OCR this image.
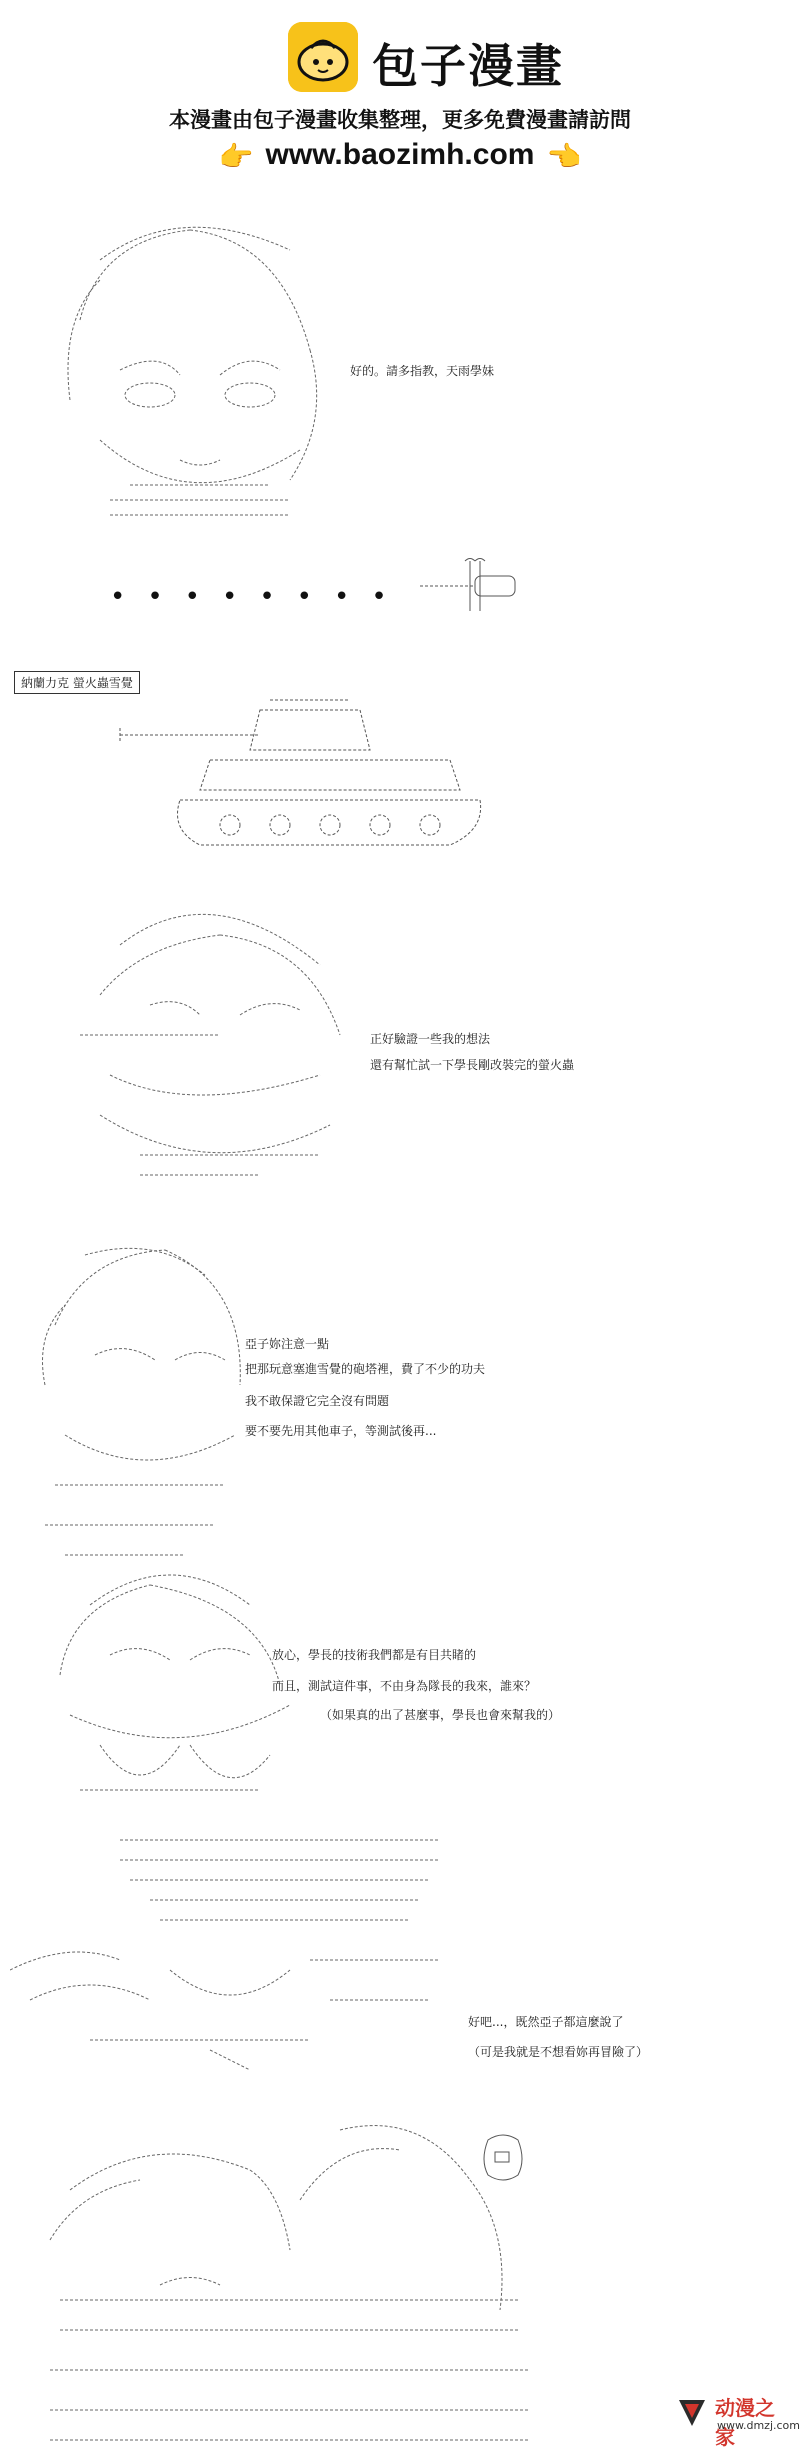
包子漫畫
本漫畫由包子漫畫收集整理，更多免費漫畫請訪問
👉 www.baozimh.com 👈
好的。請多指教，天雨學妹
••••••••
納蘭力克 螢火蟲雪覺
正好驗證一些我的想法
還有幫忙試一下學長剛改裝完的螢火蟲
亞子妳注意一點
把那玩意塞進雪覺的砲塔裡，費了不少的功夫
我不敢保證它完全沒有問題
要不要先用其他車子，等測試後再...
放心，學長的技術我們都是有目共睹的
而且，測試這件事，不由身為隊長的我來，誰來？
（如果真的出了甚麼事，學長也會來幫我的）
好吧...，既然亞子都這麼說了
（可是我就是不想看妳再冒險了）
动漫之家
www.dmzj.com
